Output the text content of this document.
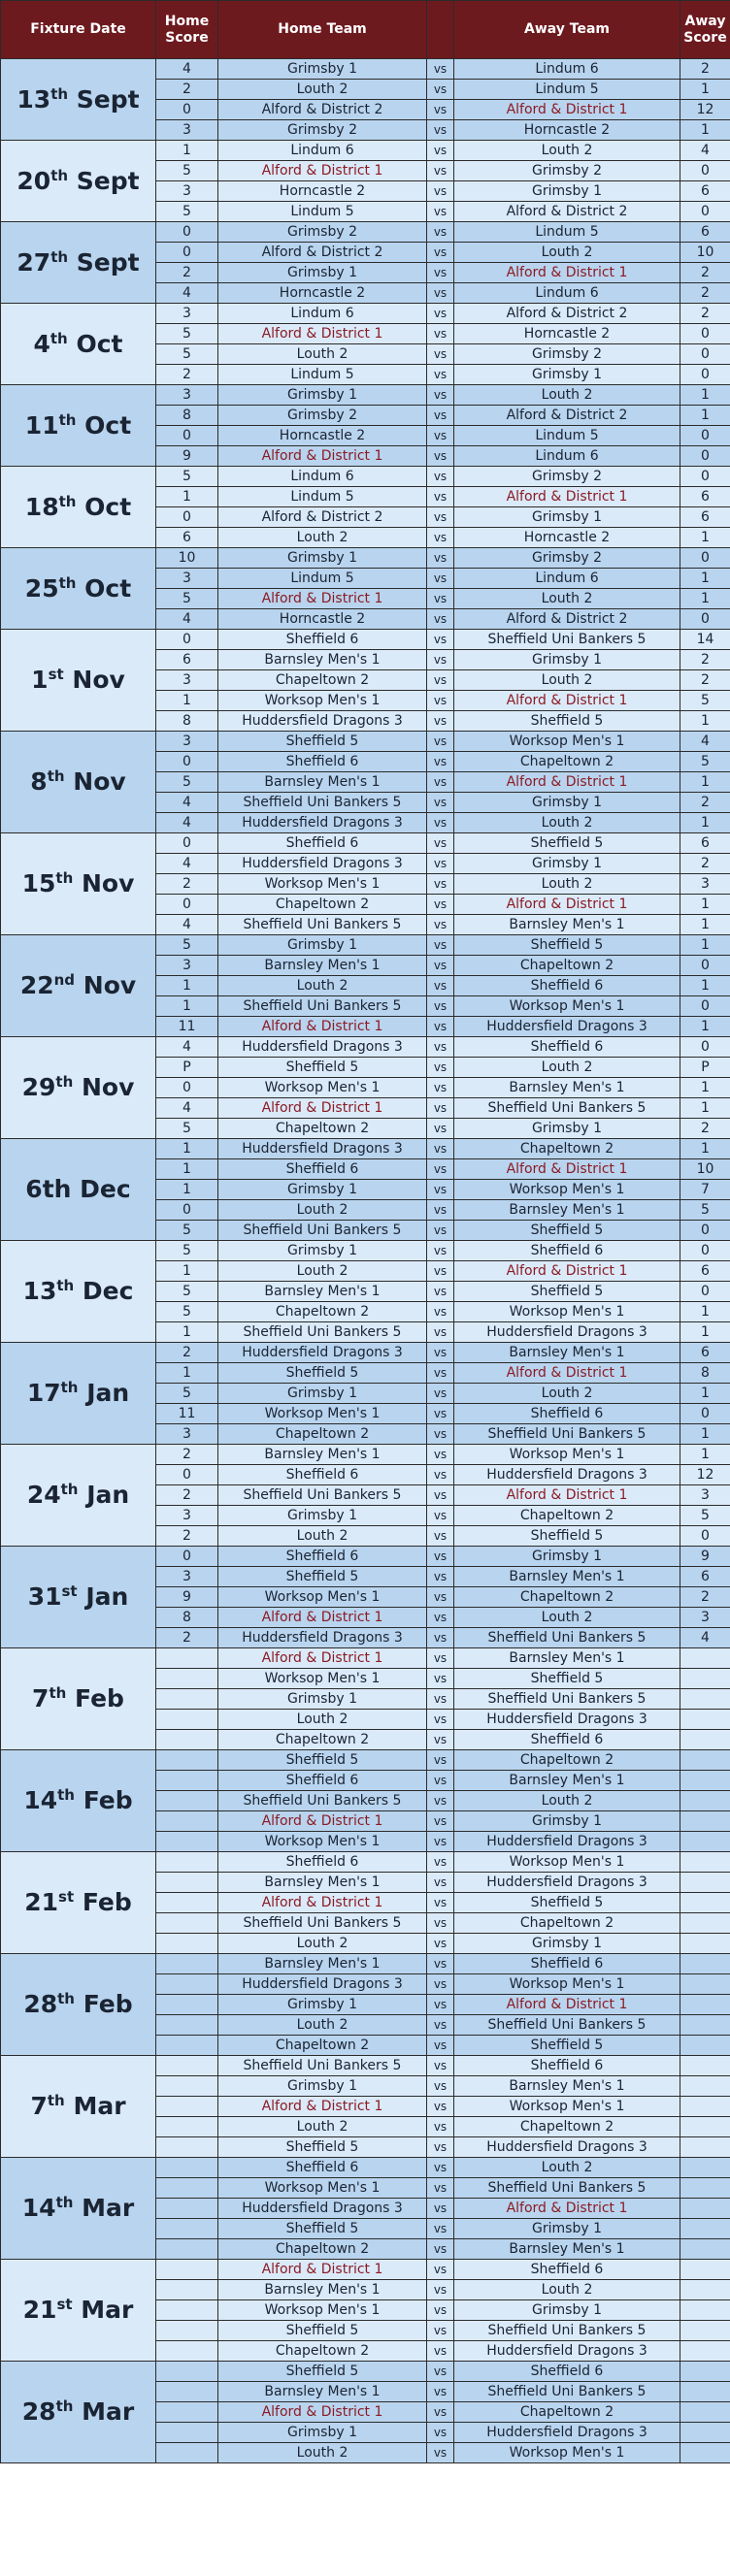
Fixture Date	Home
Score	Home Team		Away Team	Away
Score
13th Sept	4	Grimsby 1	vs	Lindum 6	2
	2	Louth 2	vs	Lindum 5	1
	0	Alford & District 2	vs	Alford & District 1	12
	3	Grimsby 2	vs	Horncastle 2	1
20th Sept	1	Lindum 6	vs	Louth 2	4
	5	Alford & District 1	vs	Grimsby 2	0
	3	Horncastle 2	vs	Grimsby 1	6
	5	Lindum 5	vs	Alford & District 2	0
27th Sept	0	Grimsby 2	vs	Lindum 5	6
	0	Alford & District 2	vs	Louth 2	10
	2	Grimsby 1	vs	Alford & District 1	2
	4	Horncastle 2	vs	Lindum 6	2
4th Oct	3	Lindum 6	vs	Alford & District 2	2
	5	Alford & District 1	vs	Horncastle 2	0
	5	Louth 2	vs	Grimsby 2	0
	2	Lindum 5	vs	Grimsby 1	0
11th Oct	3	Grimsby 1	vs	Louth 2	1
	8	Grimsby 2	vs	Alford & District 2	1
	0	Horncastle 2	vs	Lindum 5	0
	9	Alford & District 1	vs	Lindum 6	0
18th Oct	5	Lindum 6	vs	Grimsby 2	0
	1	Lindum 5	vs	Alford & District 1	6
	0	Alford & District 2	vs	Grimsby 1	6
	6	Louth 2	vs	Horncastle 2	1
25th Oct	10	Grimsby 1	vs	Grimsby 2	0
	3	Lindum 5	vs	Lindum 6	1
	5	Alford & District 1	vs	Louth 2	1
	4	Horncastle 2	vs	Alford & District 2	0
1st Nov	0	Sheffield 6	vs	Sheffield Uni Bankers 5	14
	6	Barnsley Men's 1	vs	Grimsby 1	2
	3	Chapeltown 2	vs	Louth 2	2
	1	Worksop Men's 1	vs	Alford & District 1	5
	8	Huddersfield Dragons 3	vs	Sheffield 5	1
8th Nov	3	Sheffield 5	vs	Worksop Men's 1	4
	0	Sheffield 6	vs	Chapeltown 2	5
	5	Barnsley Men's 1	vs	Alford & District 1	1
	4	Sheffield Uni Bankers 5	vs	Grimsby 1	2
	4	Huddersfield Dragons 3	vs	Louth 2	1
15th Nov	0	Sheffield 6	vs	Sheffield 5	6
	4	Huddersfield Dragons 3	vs	Grimsby 1	2
	2	Worksop Men's 1	vs	Louth 2	3
	0	Chapeltown 2	vs	Alford & District 1	1
	4	Sheffield Uni Bankers 5	vs	Barnsley Men's 1	1
22nd Nov	5	Grimsby 1	vs	Sheffield 5	1
	3	Barnsley Men's 1	vs	Chapeltown 2	0
	1	Louth 2	vs	Sheffield 6	1
	1	Sheffield Uni Bankers 5	vs	Worksop Men's 1	0
	11	Alford & District 1	vs	Huddersfield Dragons 3	1
29th Nov	4	Huddersfield Dragons 3	vs	Sheffield 6	0
	P	Sheffield 5	vs	Louth 2	P
	0	Worksop Men's 1	vs	Barnsley Men's 1	1
	4	Alford & District 1	vs	Sheffield Uni Bankers 5	1
	5	Chapeltown 2	vs	Grimsby 1	2
6th Dec	1	Huddersfield Dragons 3	vs	Chapeltown 2	1
	1	Sheffield 6	vs	Alford & District 1	10
	1	Grimsby 1	vs	Worksop Men's 1	7
	0	Louth 2	vs	Barnsley Men's 1	5
	5	Sheffield Uni Bankers 5	vs	Sheffield 5	0
13th Dec	5	Grimsby 1	vs	Sheffield 6	0
	1	Louth 2	vs	Alford & District 1	6
	5	Barnsley Men's 1	vs	Sheffield 5	0
	5	Chapeltown 2	vs	Worksop Men's 1	1
	1	Sheffield Uni Bankers 5	vs	Huddersfield Dragons 3	1
17th Jan	2	Huddersfield Dragons 3	vs	Barnsley Men's 1	6
	1	Sheffield 5	vs	Alford & District 1	8
	5	Grimsby 1	vs	Louth 2	1
	11	Worksop Men's 1	vs	Sheffield 6	0
	3	Chapeltown 2	vs	Sheffield Uni Bankers 5	1
24th Jan	2	Barnsley Men's 1	vs	Worksop Men's 1	1
	0	Sheffield 6	vs	Huddersfield Dragons 3	12
	2	Sheffield Uni Bankers 5	vs	Alford & District 1	3
	3	Grimsby 1	vs	Chapeltown 2	5
	2	Louth 2	vs	Sheffield 5	0
31st Jan	0	Sheffield 6	vs	Grimsby 1	9
	3	Sheffield 5	vs	Barnsley Men's 1	6
	9	Worksop Men's 1	vs	Chapeltown 2	2
	8	Alford & District 1	vs	Louth 2	3
	2	Huddersfield Dragons 3	vs	Sheffield Uni Bankers 5	4
7th Feb		Alford & District 1	vs	Barnsley Men's 1	
		Worksop Men's 1	vs	Sheffield 5	
		Grimsby 1	vs	Sheffield Uni Bankers 5	
		Louth 2	vs	Huddersfield Dragons 3	
		Chapeltown 2	vs	Sheffield 6	
14th Feb		Sheffield 5	vs	Chapeltown 2	
		Sheffield 6	vs	Barnsley Men's 1	
		Sheffield Uni Bankers 5	vs	Louth 2	
		Alford & District 1	vs	Grimsby 1	
		Worksop Men's 1	vs	Huddersfield Dragons 3	
21st Feb		Sheffield 6	vs	Worksop Men's 1	
		Barnsley Men's 1	vs	Huddersfield Dragons 3	
		Alford & District 1	vs	Sheffield 5	
		Sheffield Uni Bankers 5	vs	Chapeltown 2	
		Louth 2	vs	Grimsby 1	
28th Feb		Barnsley Men's 1	vs	Sheffield 6	
		Huddersfield Dragons 3	vs	Worksop Men's 1	
		Grimsby 1	vs	Alford & District 1	
		Louth 2	vs	Sheffield Uni Bankers 5	
		Chapeltown 2	vs	Sheffield 5	
7th Mar		Sheffield Uni Bankers 5	vs	Sheffield 6	
		Grimsby 1	vs	Barnsley Men's 1	
		Alford & District 1	vs	Worksop Men's 1	
		Louth 2	vs	Chapeltown 2	
		Sheffield 5	vs	Huddersfield Dragons 3	
14th Mar		Sheffield 6	vs	Louth 2	
		Worksop Men's 1	vs	Sheffield Uni Bankers 5	
		Huddersfield Dragons 3	vs	Alford & District 1	
		Sheffield 5	vs	Grimsby 1	
		Chapeltown 2	vs	Barnsley Men's 1	
21st Mar		Alford & District 1	vs	Sheffield 6	
		Barnsley Men's 1	vs	Louth 2	
		Worksop Men's 1	vs	Grimsby 1	
		Sheffield 5	vs	Sheffield Uni Bankers 5	
		Chapeltown 2	vs	Huddersfield Dragons 3	
28th Mar		Sheffield 5	vs	Sheffield 6	
		Barnsley Men's 1	vs	Sheffield Uni Bankers 5	
		Alford & District 1	vs	Chapeltown 2	
		Grimsby 1	vs	Huddersfield Dragons 3	
		Louth 2	vs	Worksop Men's 1	
